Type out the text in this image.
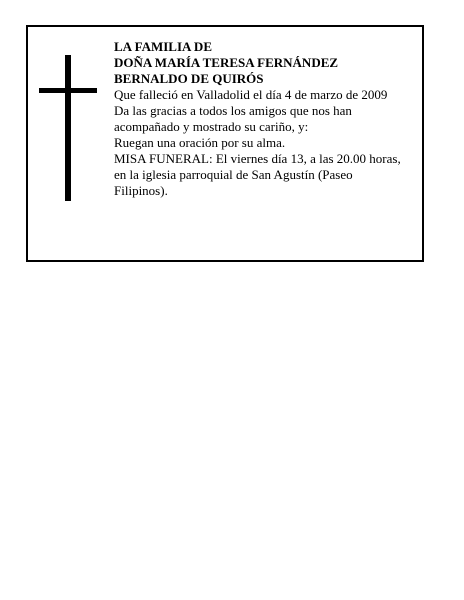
LA FAMILIA DE
DOÑA MARÍA TERESA FERNÁNDEZ
BERNALDO DE QUIRÓS
Que falleció en Valladolid el día 4 de marzo de 2009
Da las gracias a todos los amigos que nos han
acompañado y mostrado su cariño, y:
Ruegan una oración por su alma.
MISA FUNERAL: El viernes día 13, a las 20.00 horas,
en la iglesia parroquial de San Agustín (Paseo
Filipinos).
